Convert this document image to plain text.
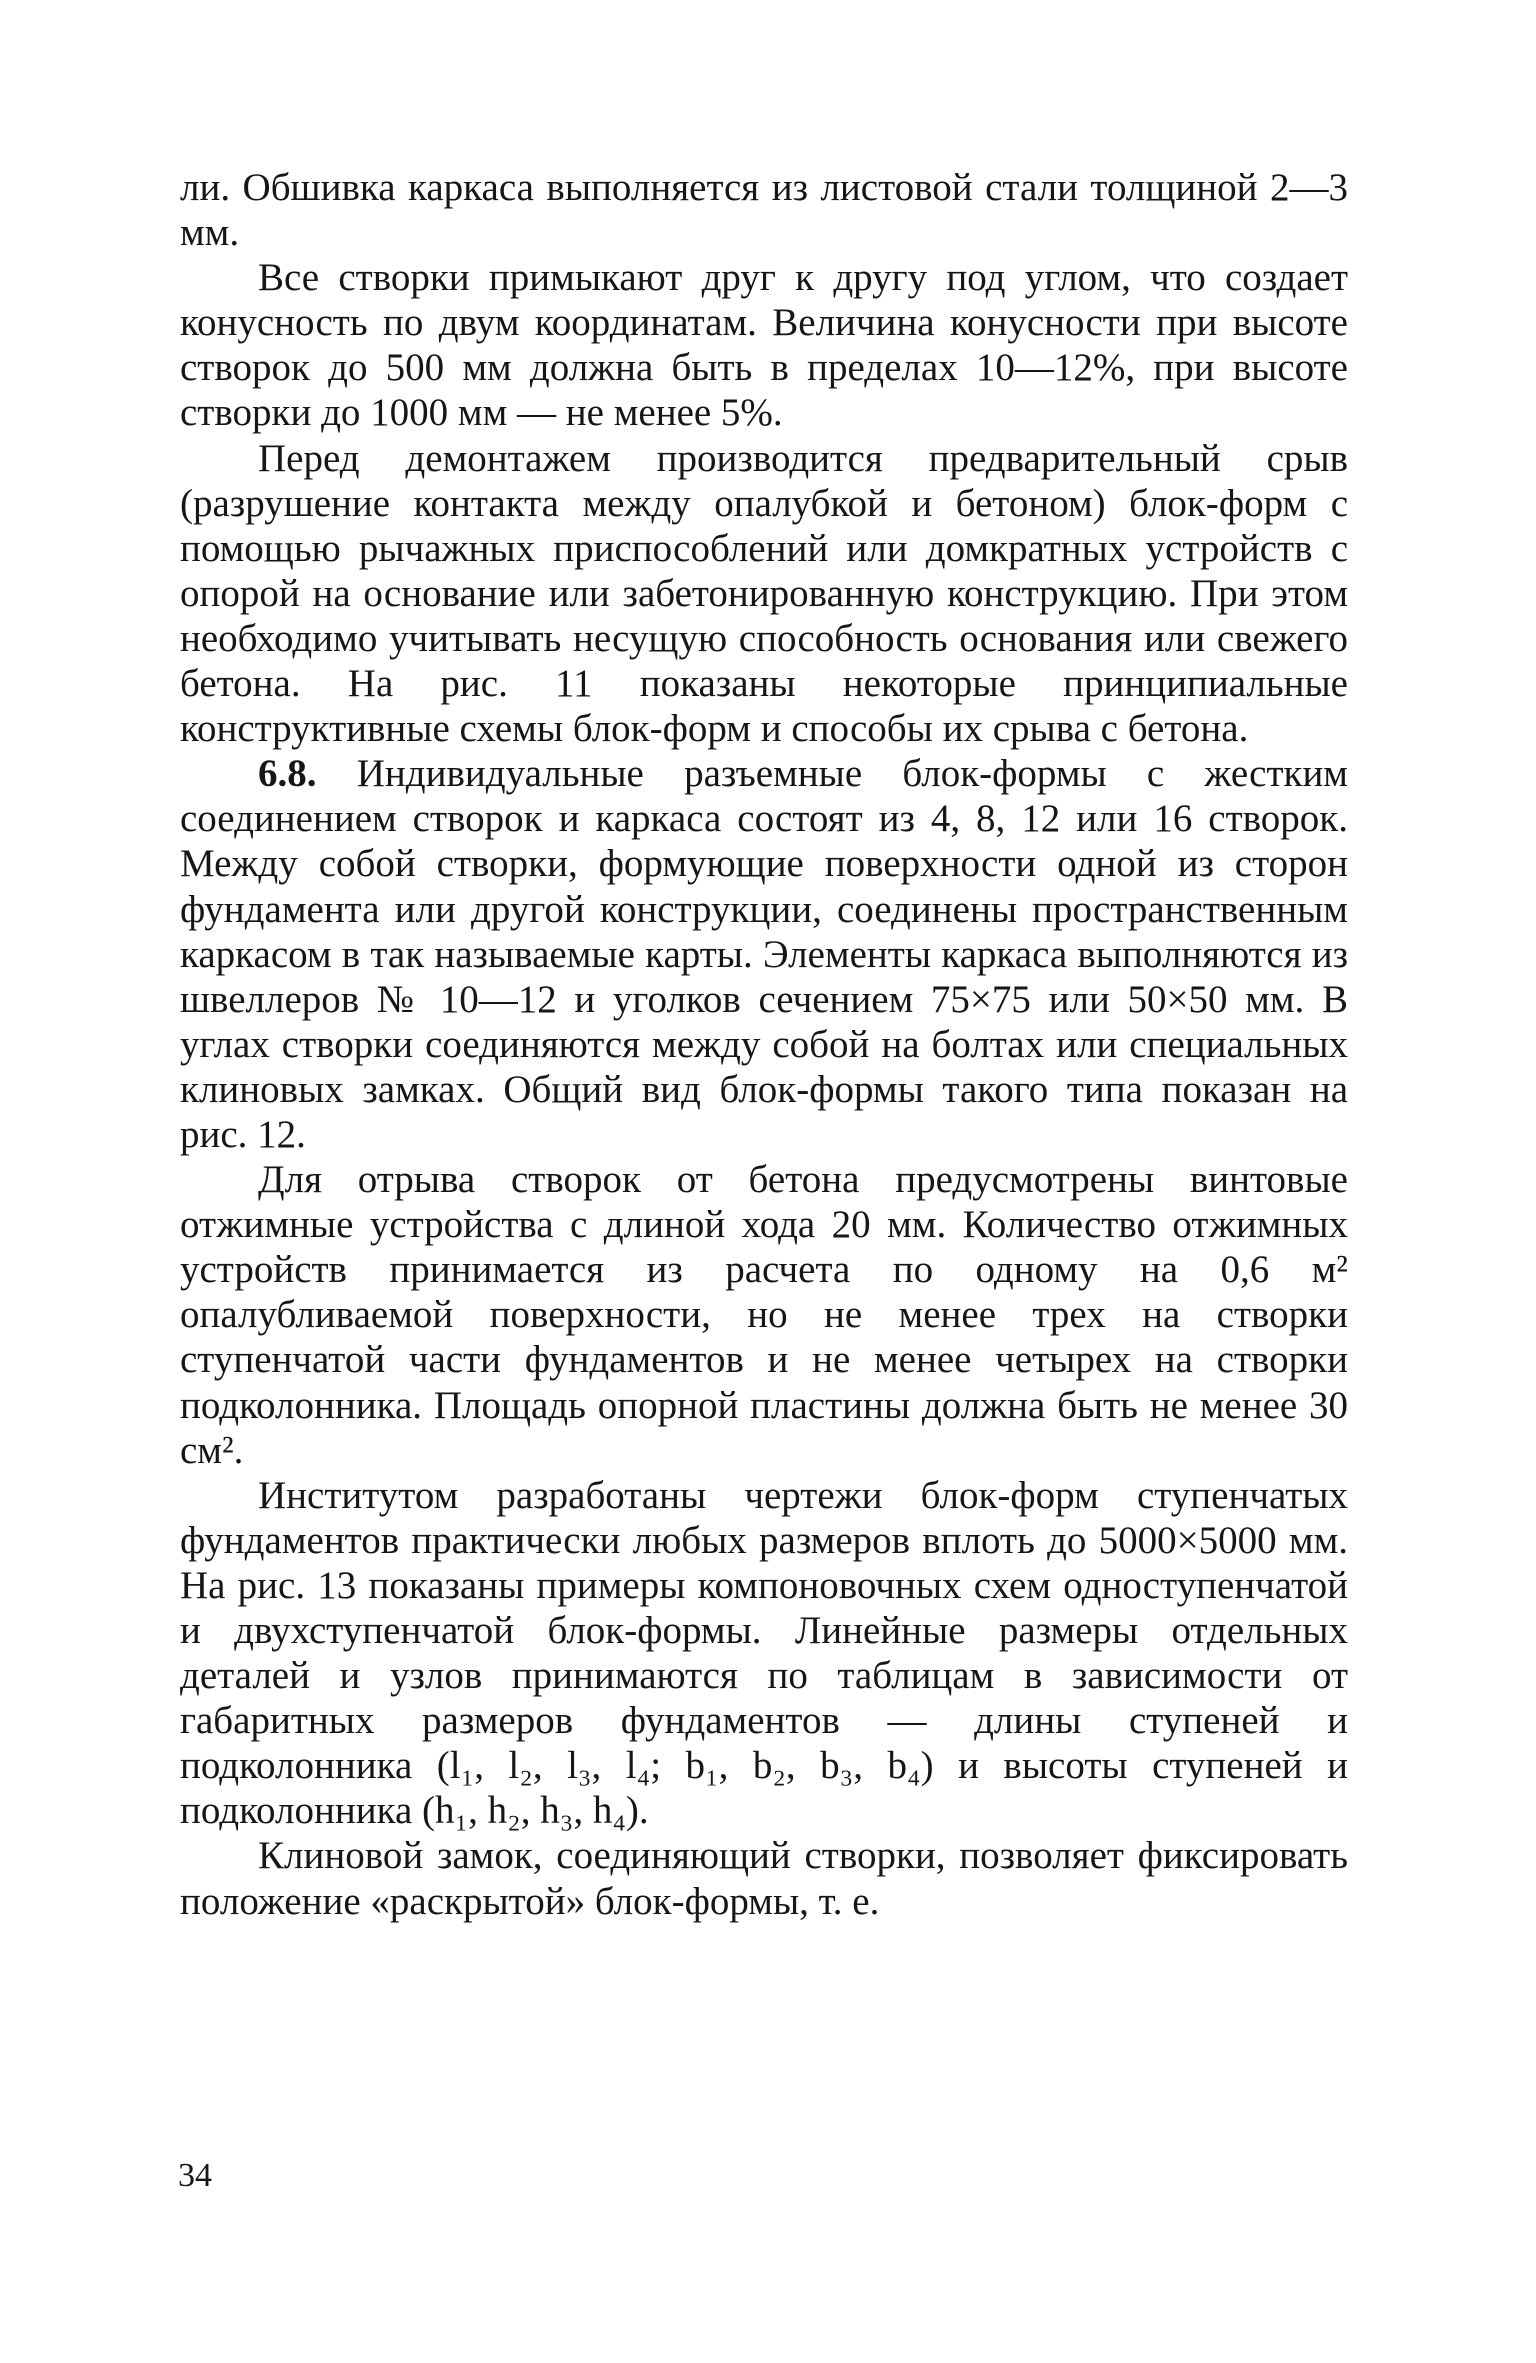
ли. Обшивка каркаса выполняется из листовой стали толщиной 2—3 мм.

Все створки примыкают друг к другу под углом, что создает конусность по двум координатам. Величина конусности при высоте створок до 500 мм должна быть в пределах 10—12%, при высоте створки до 1000 мм — не менее 5%.

Перед демонтажем производится предварительный срыв (разрушение контакта между опалубкой и бетоном) блок-форм с помощью рычажных приспособлений или домкратных устройств с опорой на основание или забетонированную конструкцию. При этом необходимо учитывать несущую способность основания или свежего бетона. На рис. 11 показаны некоторые принципиальные конструктивные схемы блок-форм и способы их срыва с бетона.

6.8. Индивидуальные разъемные блок-формы с жестким соединением створок и каркаса состоят из 4, 8, 12 или 16 створок. Между собой створки, формующие поверхности одной из сторон фундамента или другой конструкции, соединены пространственным каркасом в так называемые карты. Элементы каркаса выполняются из швеллеров № 10—12 и уголков сечением 75×75 или 50×50 мм. В углах створки соединяются между собой на болтах или специальных клиновых замках. Общий вид блок-формы такого типа показан на рис. 12.

Для отрыва створок от бетона предусмотрены винтовые отжимные устройства с длиной хода 20 мм. Количество отжимных устройств принимается из расчета по одному на 0,6 м² опалубливаемой поверхности, но не менее трех на створки ступенчатой части фундаментов и не менее четырех на створки подколонника. Площадь опорной пластины должна быть не менее 30 см².

Институтом разработаны чертежи блок-форм ступенчатых фундаментов практически любых размеров вплоть до 5000×5000 мм. На рис. 13 показаны примеры компоновочных схем одноступенчатой и двухступенчатой блок-формы. Линейные размеры отдельных деталей и узлов принимаются по таблицам в зависимости от габаритных размеров фундаментов — длины ступеней и подколонника (l₁, l₂, l₃, l₄; b₁, b₂, b₃, b₄) и высоты ступеней и подколонника (h₁, h₂, h₃, h₄).

Клиновой замок, соединяющий створки, позволяет фиксировать положение «раскрытой» блок-формы, т. е.

34
